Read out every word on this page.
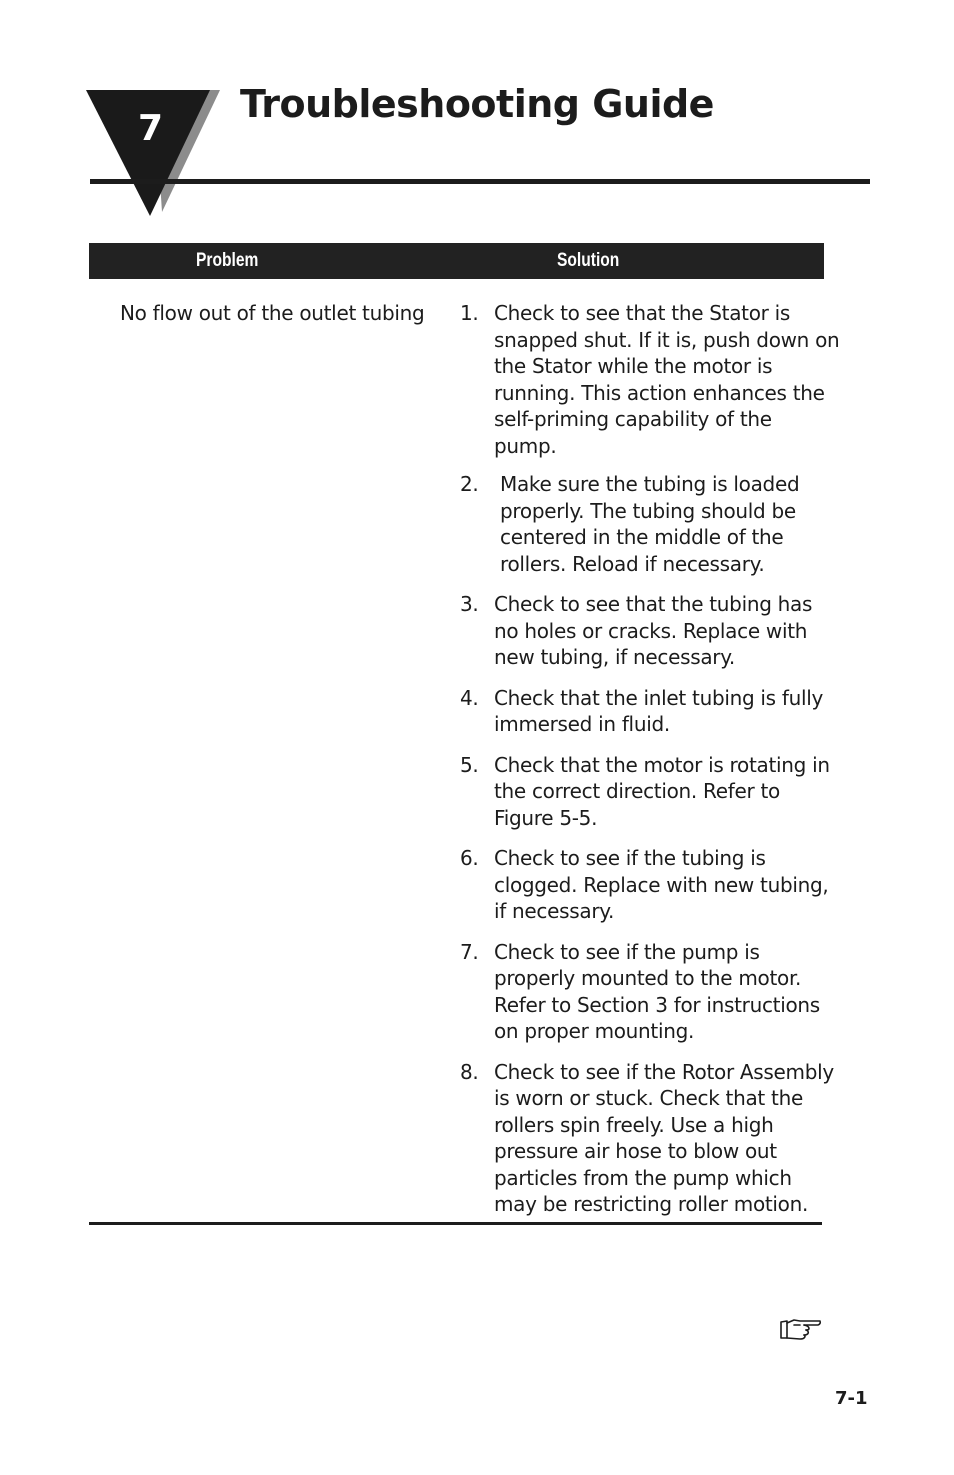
7
Troubleshooting Guide
Problem	Solution
No flow out of the outlet tubing 1. Check to see that the Stator is snapped shut. If it is, push down on the Stator while the motor is running. This action enhances the self-priming capability of the pump.
2.	Make sure the tubing is loaded properly. The tubing should be centered in the middle of the rollers. Reload if necessary.
3. Check to see that the tubing has no holes or cracks. Replace with new tubing, if necessary.
4. Check that the inlet tubing is fully immersed in fluid.
5. Check that the motor is rotating in the correct direction. Refer to Figure 5-5.
6. Check to see if the tubing is clogged. Replace with new tubing, if necessary.
7. Check to see if the pump is properly mounted to the motor. Refer to Section 3 for instructions on proper mounting.
8. Check to see if the Rotor Assembly is worn or stuck. Check that the rollers spin freely. Use a high pressure air hose to blow out particles from the pump which may be restricting roller motion.
7-1
